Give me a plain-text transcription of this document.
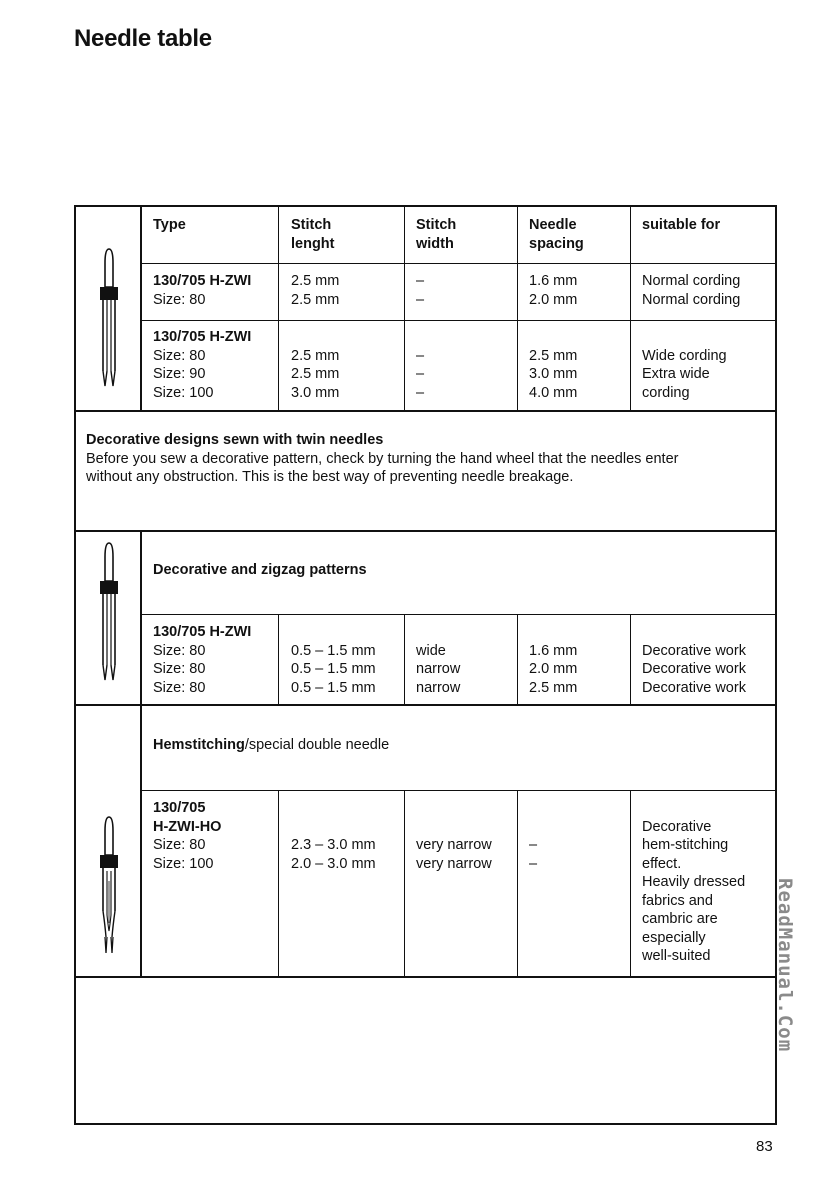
Needle table
Type	Stitch
lenght
Stitch
width
Needle
spacing
suitable for
130/705 H-ZWI
Size: 80
2.5 mm
2.5 mm
–
–
1.6 mm
2.0 mm
Normal cording
Normal cording
130/705 H-ZWI
Size: 80
Size: 90
Size: 100
2.5 mm
2.5 mm
3.0 mm
–
–
–
2.5 mm
3.0 mm
4.0 mm
Wide cording
Extra wide
cording
Decorative designs sewn with twin needles
Before you sew a decorative pattern, check by turning the hand wheel that the needles enter
without any obstruction. This is the best way of preventing needle breakage.
Decorative and zigzag patterns
130/705 H-ZWI
Size: 80
Size: 80
Size: 80
0.5 – 1.5 mm
0.5 – 1.5 mm
0.5 – 1.5 mm
wide
narrow
narrow
1.6 mm
2.0 mm
2.5 mm
Decorative work
Decorative work
Decorative work
Hemstitching/special double needle
130/705
H-ZWI-HO
Size: 80
Size: 100
2.3 – 3.0 mm
2.0 – 3.0 mm
very narrow
very narrow
–
–
Decorative
hem-stitching
effect.
Heavily dressed
fabrics and
cambric are
especially
well-suited
83
ReadManual.Com
